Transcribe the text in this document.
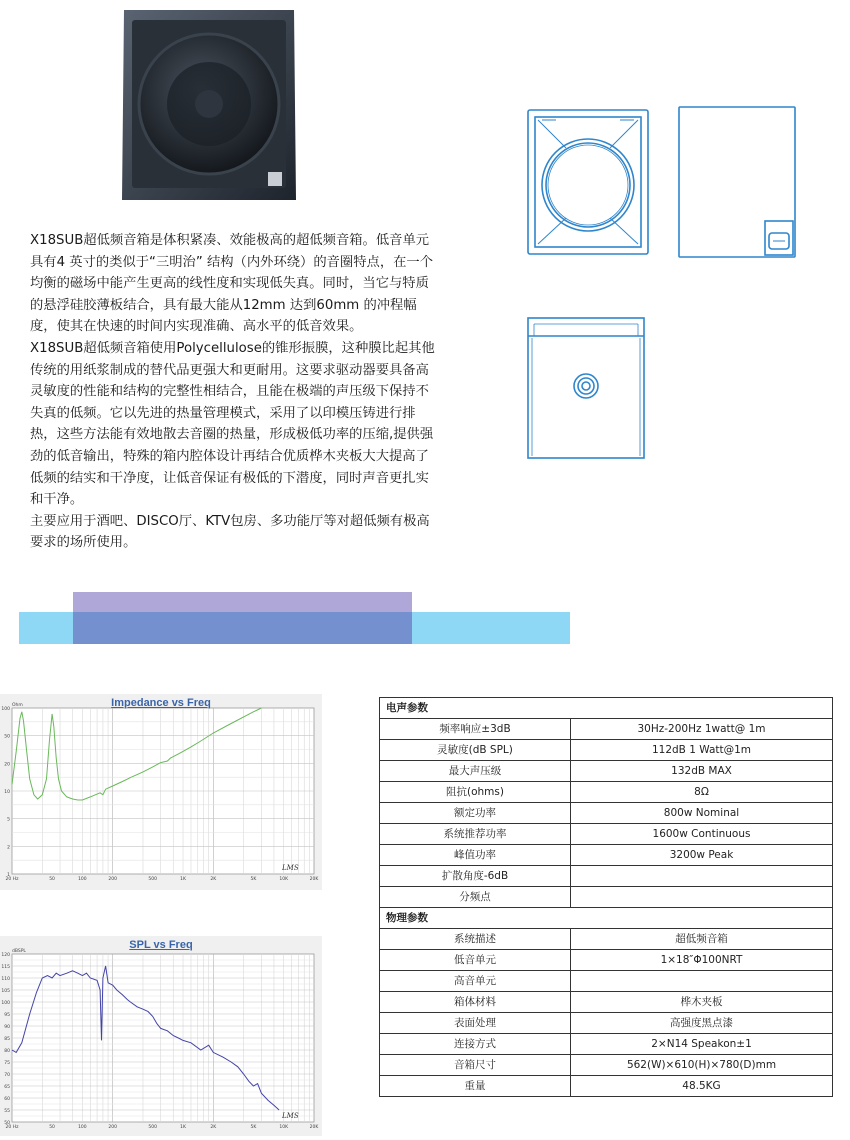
X18SUB超低频音箱是体积紧凑、效能极高的超低频音箱。低音单元具有4 英寸的类似于“三明治” 结构（内外环绕）的音圈特点，在一个均衡的磁场中能产生更高的线性度和实现低失真。同时，当它与特质的悬浮硅胶薄板结合，具有最大能从12mm 达到60mm 的冲程幅度，使其在快速的时间内实现准确、高水平的低音效果。

X18SUB超低频音箱使用Polycellulose的锥形振膜，这种膜比起其他传统的用纸浆制成的替代品更强大和更耐用。这要求驱动器要具备高灵敏度的性能和结构的完整性相结合，且能在极端的声压级下保持不失真的低频。它以先进的热量管理模式，采用了以印模压铸进行排热，这些方法能有效地散去音圈的热量，形成极低功率的压缩,提供强劲的低音输出，特殊的箱内腔体设计再结合优质桦木夹板大大提高了低频的结实和干净度，让低音保证有极低的下潜度，同时声音更扎实和干净。

主要应用于酒吧、DISCO厅、KTV包房、多功能厅等对超低频有极高要求的场所使用。

Impedance vs Freq
100
50
20
10
5
2
1
20 Hz	50	100	200	500	1K	2K	5K	10K	20K
Ohm
LMS
SPL vs Freq
120
115
110
105
100
95
90
85
80
75
70
65
60
55
50
20 Hz	50	100	200	500	1K	2K	5K	10K	20K
dBSPL
LMS
电声参数	
频率响应±3dB	30Hz-200Hz 1watt@ 1m
灵敏度(dB SPL)	112dB 1 Watt@1m
最大声压级	132dB MAX
阻抗(ohms)	8Ω
额定功率	800w Nominal
系统推荐功率	1600w Continuous
峰值功率	3200w Peak
扩散角度-6dB	
分频点	
物理参数	
系统描述	超低频音箱
低音单元	1×18″Φ100NRT
高音单元	
箱体材料	桦木夹板
表面处理	高强度黑点漆
连接方式	2×N14 Speakon±1
音箱尺寸	562(W)×610(H)×780(D)mm
重量	48.5KG
